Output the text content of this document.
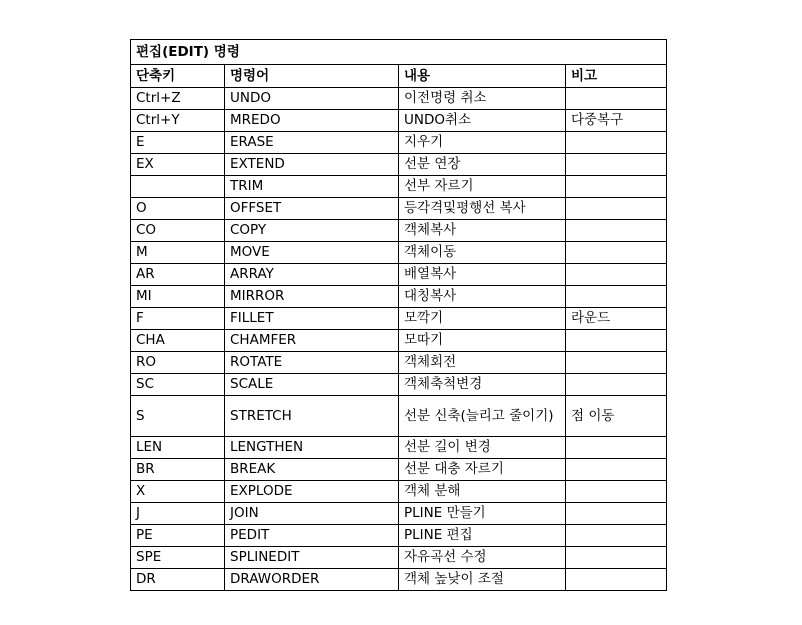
편집(EDIT) 명령			
단축키	명령어	내용	비고
Ctrl+Z	UNDO	이전명령 취소	
Ctrl+Y	MREDO	UNDO취소	다중복구
E	ERASE	지우기	
EX	EXTEND	선분 연장	
	TRIM	선부 자르기	
O	OFFSET	등각격및평행선 복사	
CO	COPY	객체복사	
M	MOVE	객체이동	
AR	ARRAY	배열복사	
MI	MIRROR	대칭복사	
F	FILLET	모깍기	라운드
CHA	CHAMFER	모따기	
RO	ROTATE	객체회전	
SC	SCALE	객체축척변경	
S	STRETCH	선분 신축(늘리고 줄이기)	점 이동
LEN	LENGTHEN	선분 길이 변경	
BR	BREAK	선분 대충 자르기	
X	EXPLODE	객체 분해	
J	JOIN	PLINE 만들기	
PE	PEDIT	PLINE 편집	
SPE	SPLINEDIT	자유곡선 수정	
DR	DRAWORDER	객체 높낮이 조절	
